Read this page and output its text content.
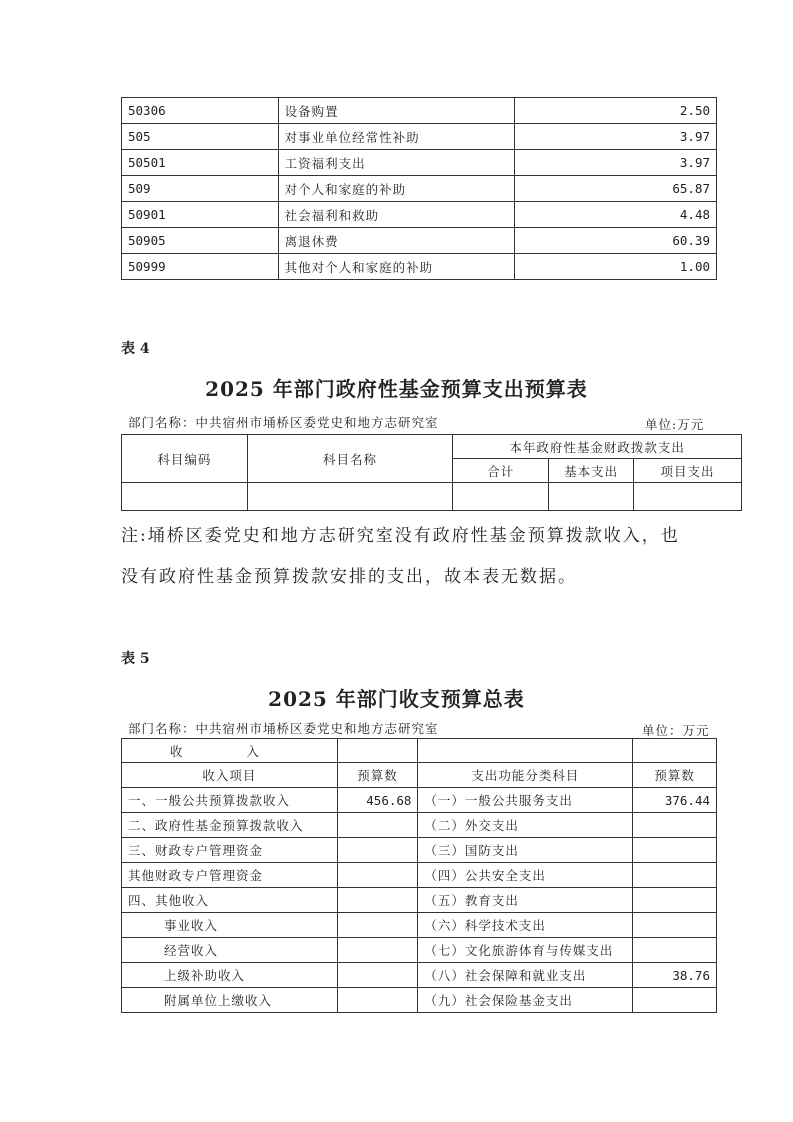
50306	设备购置	2.50
505	对事业单位经常性补助	3.97
50501	工资福利支出	3.97
509	对个人和家庭的补助	65.87
50901	社会福利和救助	4.48
50905	离退休费	60.39
50999	其他对个人和家庭的补助	1.00
表 4
2025 年部门政府性基金预算支出预算表
部门名称：中共宿州市埇桥区委党史和地方志研究室	单位:万元
科目编码	科目名称	本年政府性基金财政拨款支出		
		合计	基本支出	项目支出

注:埇桥区委党史和地方志研究室没有政府性基金预算拨款收入，也
没有政府性基金预算拨款安排的支出，故本表无数据。
表 5
2025 年部门收支预算总表
部门名称：中共宿州市埇桥区委党史和地方志研究室	单位：万元
收 入			
收入项目	预算数	支出功能分类科目	预算数
一、一般公共预算拨款收入	456.68	（一）一般公共服务支出	376.44
二、政府性基金预算拨款收入		（二）外交支出	
三、财政专户管理资金		（三）国防支出	
其他财政专户管理资金		（四）公共安全支出	
四、其他收入		（五）教育支出	
事业收入		（六）科学技术支出	
经营收入		（七）文化旅游体育与传媒支出	
上级补助收入		（八）社会保障和就业支出	38.76
附属单位上缴收入		（九）社会保险基金支出	
